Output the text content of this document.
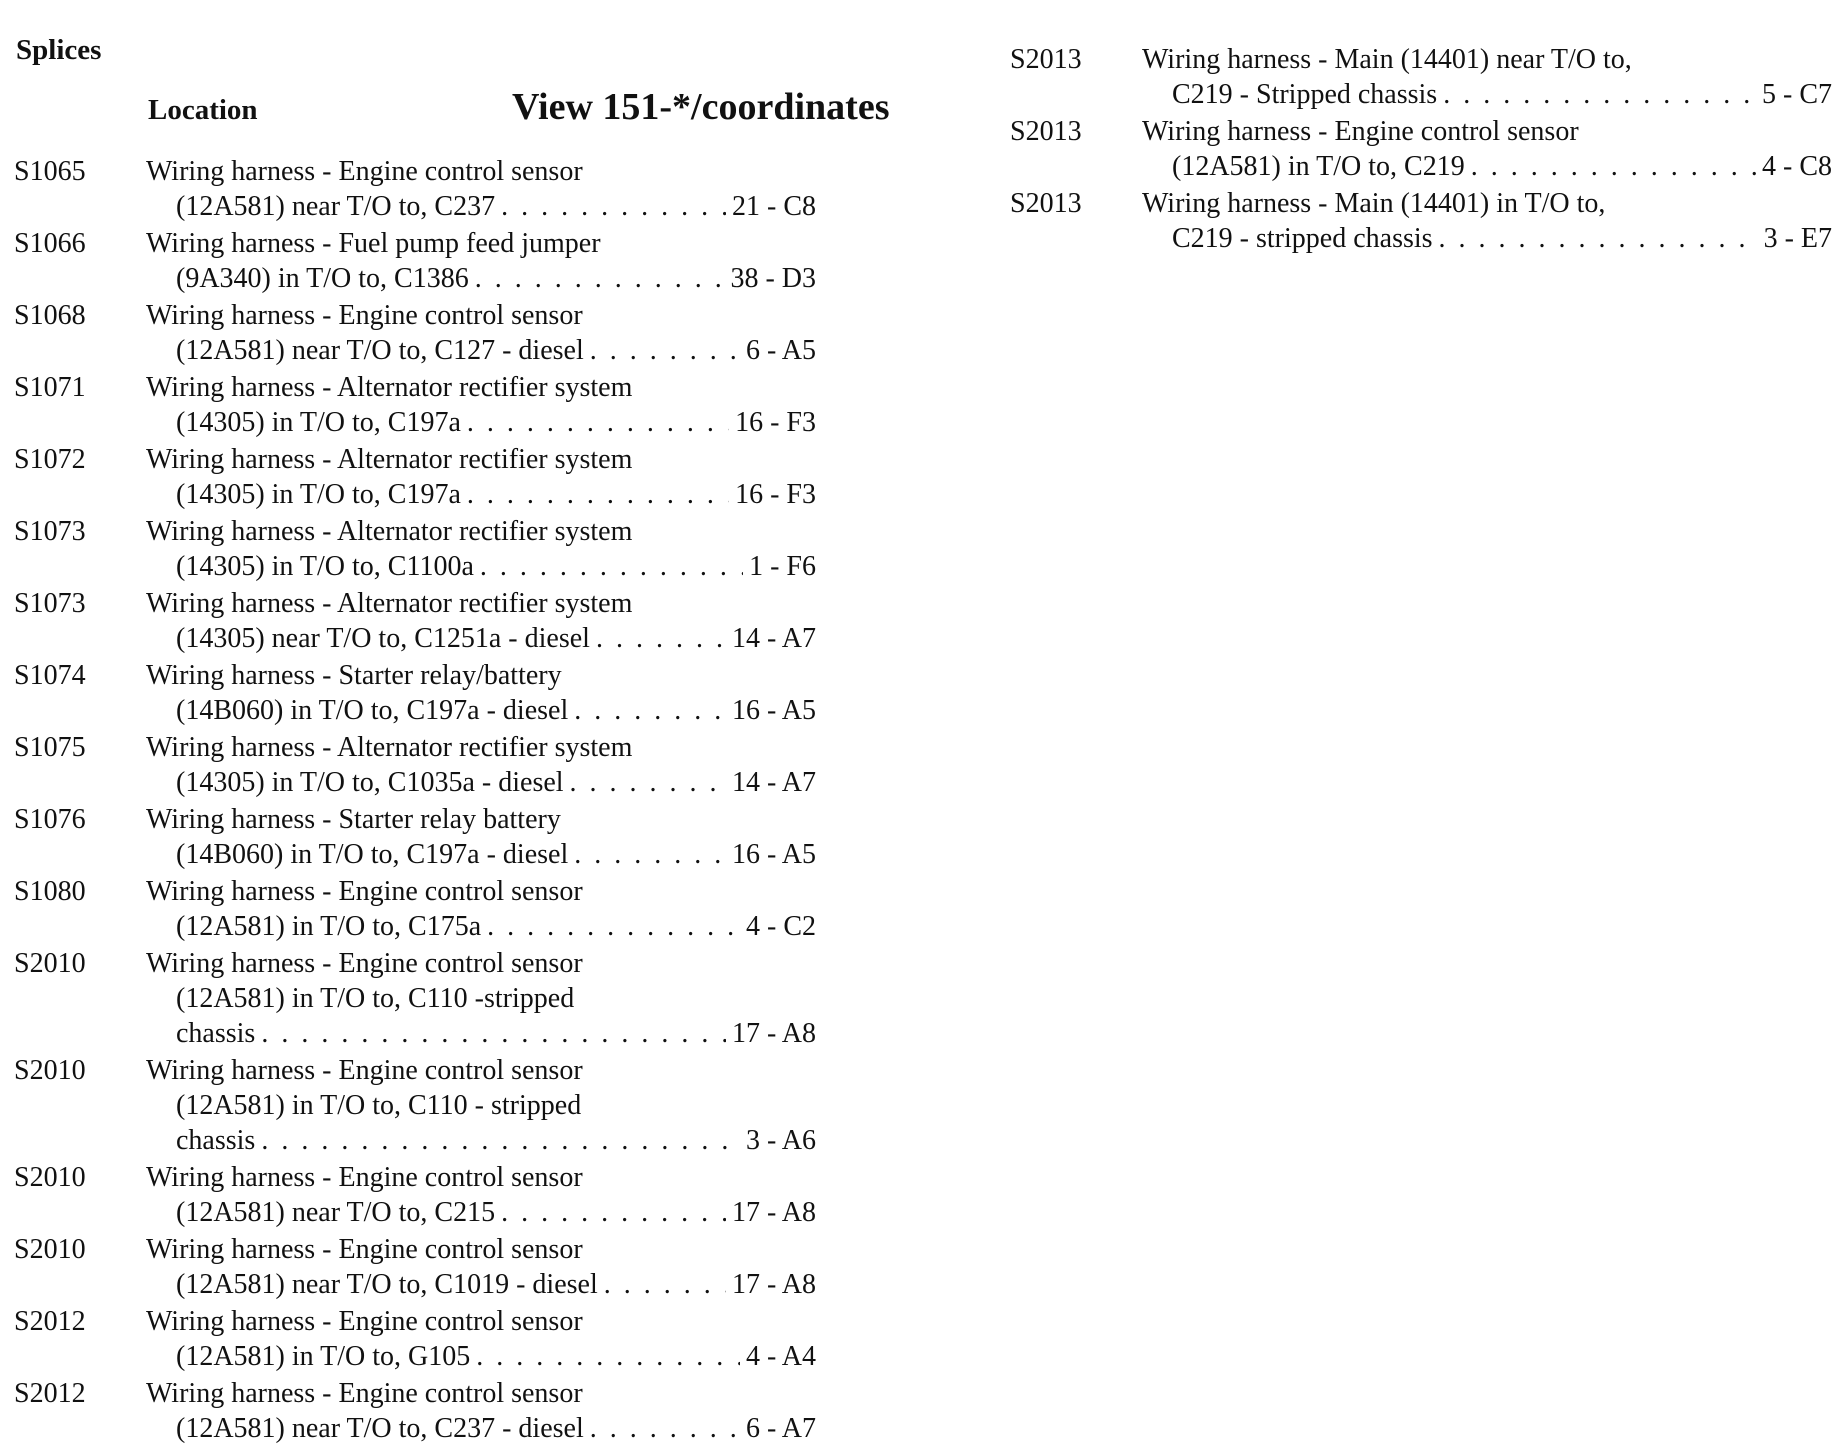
Splices
Location	View 151-*/coordinates
S1065	Wiring harness - Engine control sensor
(12A581) near T/O to, C237 . . .	21 - C8
S1066	Wiring harness - Fuel pump feed jumper
(9A340) in T/O to, C1386 . . .	38 - D3
S1068	Wiring harness - Engine control sensor
(12A581) near T/O to, C127 - diesel . . .	6 - A5
S1071	Wiring harness - Alternator rectifier system
(14305) in T/O to, C197a . . .	16 - F3
S1072	Wiring harness - Alternator rectifier system
(14305) in T/O to, C197a . . .	16 - F3
S1073	Wiring harness - Alternator rectifier system
(14305) in T/O to, C1100a . . .	1 - F6
S1073	Wiring harness - Alternator rectifier system
(14305) near T/O to, C1251a - diesel . . .	14 - A7
S1074	Wiring harness - Starter relay/battery
(14B060) in T/O to, C197a - diesel . . .	16 - A5
S1075	Wiring harness - Alternator rectifier system
(14305) in T/O to, C1035a - diesel . . .	14 - A7
S1076	Wiring harness - Starter relay battery
(14B060) in T/O to, C197a - diesel . . .	16 - A5
S1080	Wiring harness - Engine control sensor
(12A581) in T/O to, C175a . . .	4 - C2
S2010	Wiring harness - Engine control sensor
(12A581) in T/O to, C110 -stripped
chassis . . .	17 - A8
S2010	Wiring harness - Engine control sensor
(12A581) in T/O to, C110 - stripped
chassis . . .	3 - A6
S2010	Wiring harness - Engine control sensor
(12A581) near T/O to, C215 . . .	17 - A8
S2010	Wiring harness - Engine control sensor
(12A581) near T/O to, C1019 - diesel . . .	17 - A8
S2012	Wiring harness - Engine control sensor
(12A581) in T/O to, G105 . . .	4 - A4
S2012	Wiring harness - Engine control sensor
(12A581) near T/O to, C237 - diesel . . .	6 - A7
S2013	Wiring harness - Main (14401) near T/O to,
C219 - Stripped chassis . . .	5 - C7
S2013	Wiring harness - Engine control sensor
(12A581) in T/O to, C219 . . .	4 - C8
S2013	Wiring harness - Main (14401) in T/O to,
C219 - stripped chassis . . .	3 - E7
